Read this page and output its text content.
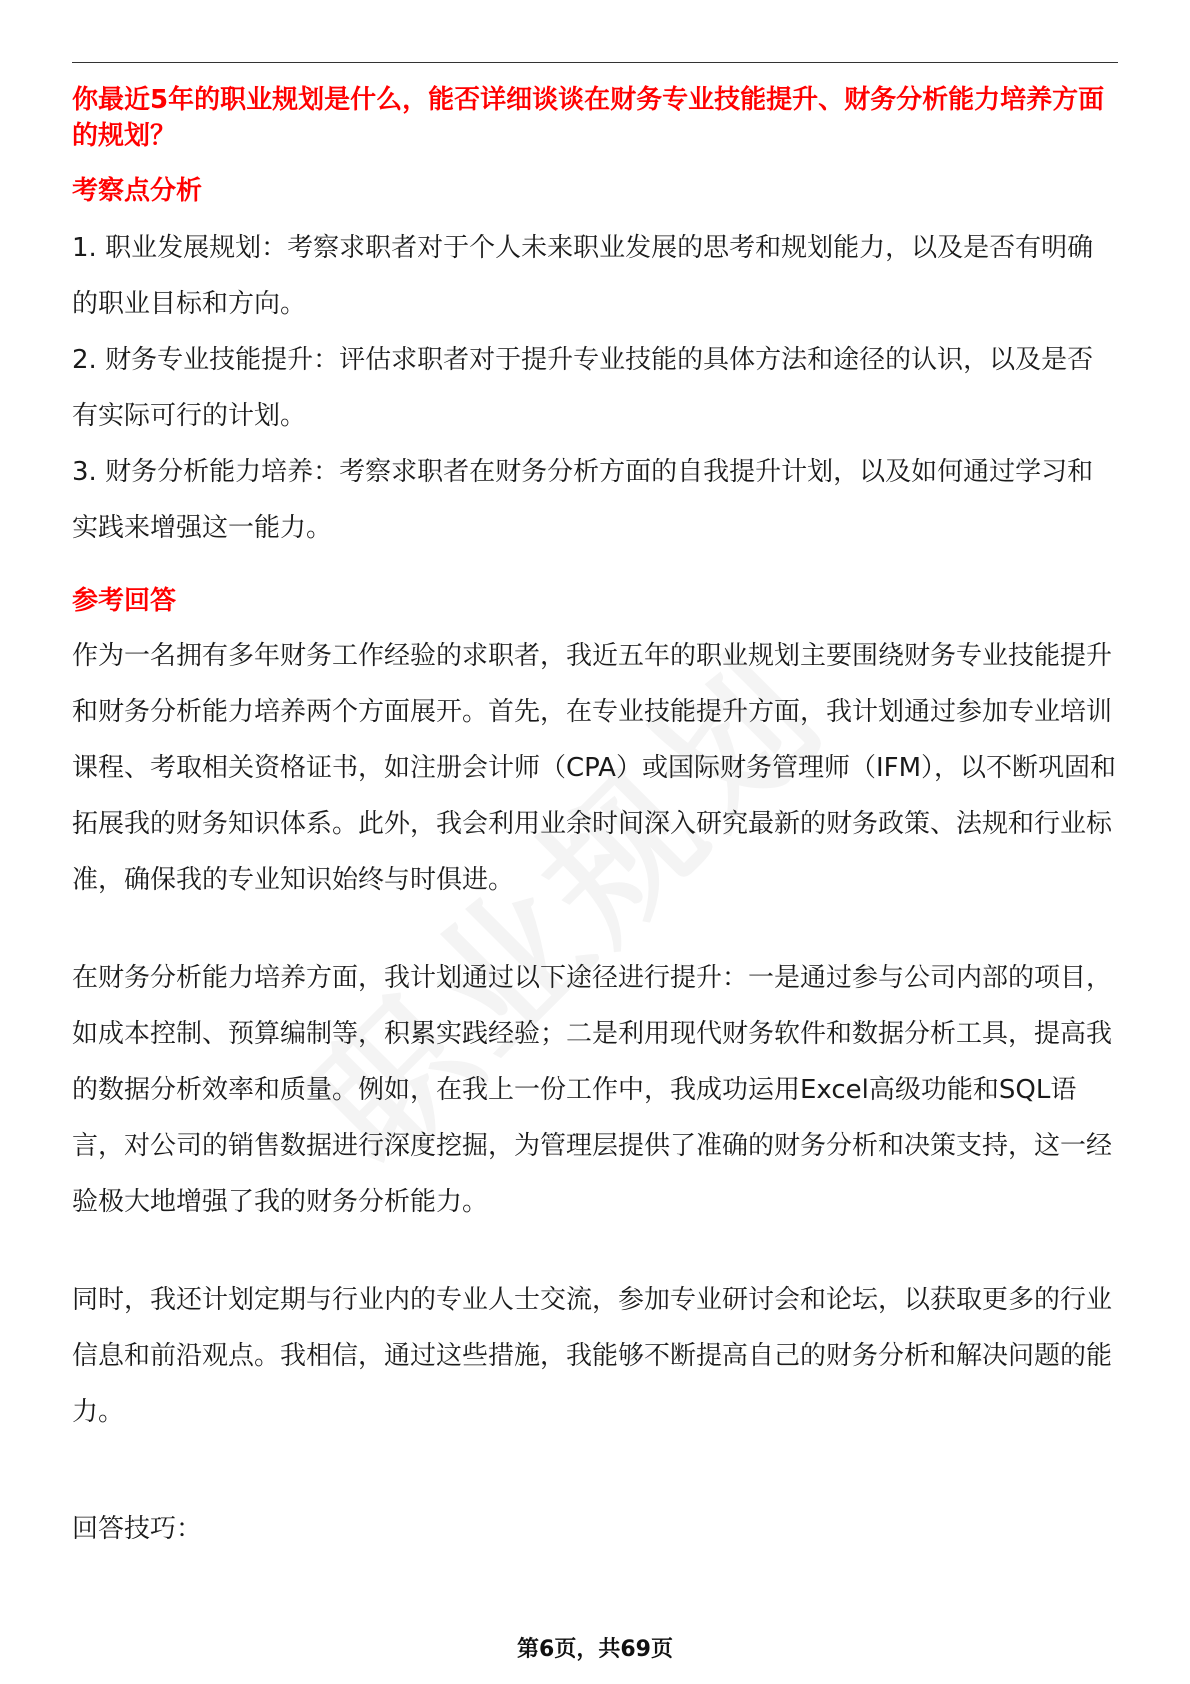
你最近5年的职业规划是什么，能否详细谈谈在财务专业技能提升、财务分析能力培养方面的规划？

考察点分析

1. 职业发展规划：考察求职者对于个人未来职业发展的思考和规划能力，以及是否有明确的职业目标和方向。

2. 财务专业技能提升：评估求职者对于提升专业技能的具体方法和途径的认识，以及是否有实际可行的计划。

3. 财务分析能力培养：考察求职者在财务分析方面的自我提升计划，以及如何通过学习和实践来增强这一能力。

参考回答

作为一名拥有多年财务工作经验的求职者，我近五年的职业规划主要围绕财务专业技能提升和财务分析能力培养两个方面展开。首先，在专业技能提升方面，我计划通过参加专业培训课程、考取相关资格证书，如注册会计师（CPA）或国际财务管理师（IFM），以不断巩固和拓展我的财务知识体系。此外，我会利用业余时间深入研究最新的财务政策、法规和行业标准，确保我的专业知识始终与时俱进。

在财务分析能力培养方面，我计划通过以下途径进行提升：一是通过参与公司内部的项目，如成本控制、预算编制等，积累实践经验；二是利用现代财务软件和数据分析工具，提高我的数据分析效率和质量。例如，在我上一份工作中，我成功运用Excel高级功能和SQL语言，对公司的销售数据进行深度挖掘，为管理层提供了准确的财务分析和决策支持，这一经验极大地增强了我的财务分析能力。

同时，我还计划定期与行业内的专业人士交流，参加专业研讨会和论坛，以获取更多的行业信息和前沿观点。我相信，通过这些措施，我能够不断提高自己的财务分析和解决问题的能力。

回答技巧：

第6页，共69页
